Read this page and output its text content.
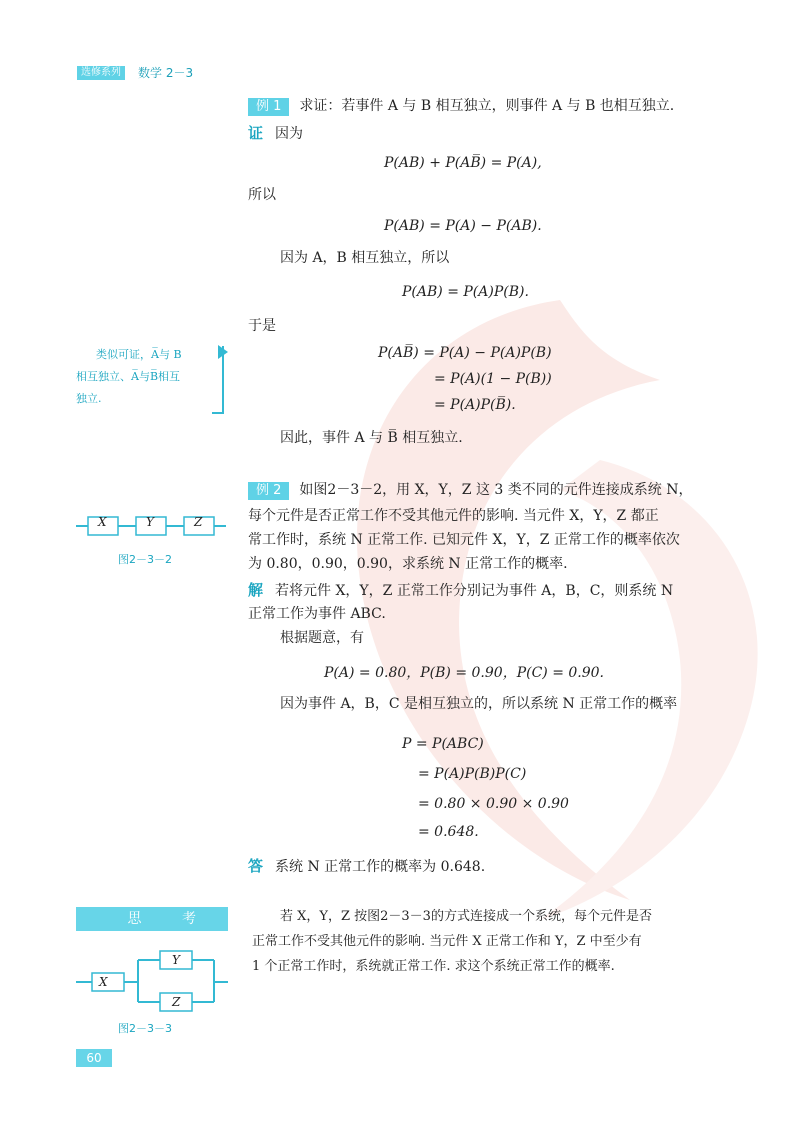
选修系列	数学 2－3
例 1 求证：若事件 A 与 B 相互独立，则事件 A 与 B 也相互独立.
证 因为
P(AB) + P(AB̅) = P(A),
所以
P(AB) = P(A) − P(AB).
因为 A，B 相互独立，所以
P(AB) = P(A)P(B).
于是
P(AB̅) = P(A) − P(A)P(B)
= P(A)(1 − P(B))
= P(A)P(B̅).
因此，事件 A 与 B̅ 相互独立.
类似可证，A̅与 B
相互独立、A̅与B̅相互
独立.
X	Y	Z
图2－3－2
例 2 如图2－3－2，用 X，Y，Z 这 3 类不同的元件连接成系统 N，
每个元件是否正常工作不受其他元件的影响. 当元件 X，Y，Z 都正
常工作时，系统 N 正常工作. 已知元件 X，Y，Z 正常工作的概率依次
为 0.80，0.90，0.90，求系统 N 正常工作的概率.
解 若将元件 X，Y，Z 正常工作分别记为事件 A，B，C，则系统 N
正常工作为事件 ABC.
根据题意，有
P(A) = 0.80，P(B) = 0.90，P(C) = 0.90.
因为事件 A，B，C 是相互独立的，所以系统 N 正常工作的概率
P = P(ABC)
= P(A)P(B)P(C)
= 0.80 × 0.90 × 0.90
= 0.648.
答 系统 N 正常工作的概率为 0.648.
思 考	若 X，Y，Z 按图2－3－3的方式连接成一个系统，每个元件是否
正常工作不受其他元件的影响. 当元件 X 正常工作和 Y，Z 中至少有
1 个正常工作时，系统就正常工作. 求这个系统正常工作的概率.
X
Y
Z
图2－3－3
60
